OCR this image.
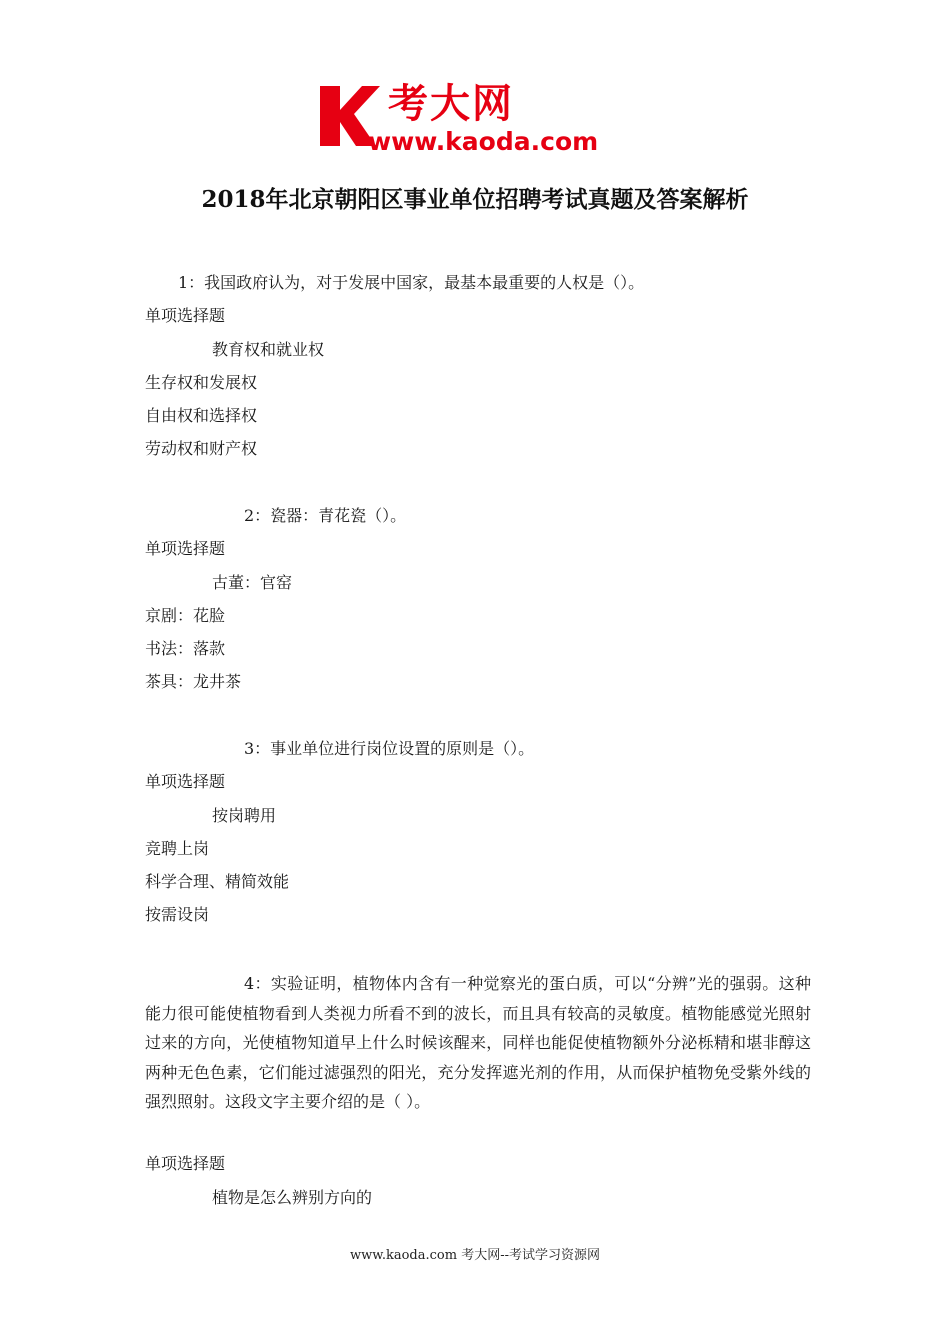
考大网
www.kaoda.com
2018年北京朝阳区事业单位招聘考试真题及答案解析
1：我国政府认为，对于发展中国家，最基本最重要的人权是（）。
单项选择题
教育权和就业权
生存权和发展权
自由权和选择权
劳动权和财产权
2：瓷器：青花瓷（）。
单项选择题
古董：官窑
京剧：花脸
书法：落款
茶具：龙井茶
3：事业单位进行岗位设置的原则是（）。
单项选择题
按岗聘用
竞聘上岗
科学合理、精简效能
按需设岗
4：实验证明，植物体内含有一种觉察光的蛋白质，可以“分辨”光的强弱。这种能力很可能使植物看到人类视力所看不到的波长，而且具有较高的灵敏度。植物能感觉光照射过来的方向，光使植物知道早上什么时候该醒来，同样也能促使植物额外分泌栎精和堪非醇这两种无色色素，它们能过滤强烈的阳光，充分发挥遮光剂的作用，从而保护植物免受紫外线的强烈照射。这段文字主要介绍的是（ ）。
单项选择题
植物是怎么辨别方向的
www.kaoda.com 考大网--考试学习资源网
